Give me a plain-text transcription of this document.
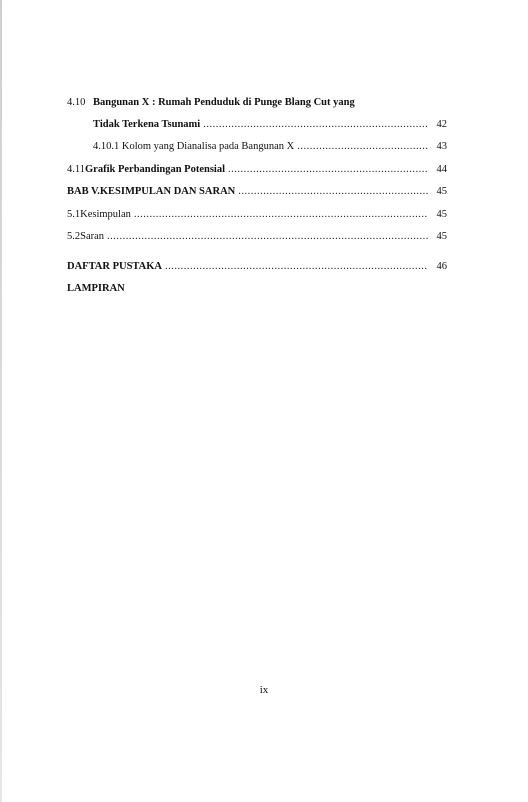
4.10 Bangunan X : Rumah Penduduk di Punge Blang Cut yang
Tidak Terkena Tsunami .....	42
4.10.1 Kolom yang Dianalisa pada Bangunan X .....	43
4.11 Grafik Perbandingan Potensial .....	44
BAB V. KESIMPULAN DAN SARAN .....	45
5.1 Kesimpulan .....	45
5.2 Saran .....	45
DAFTAR PUSTAKA .....	46
LAMPIRAN
ix
